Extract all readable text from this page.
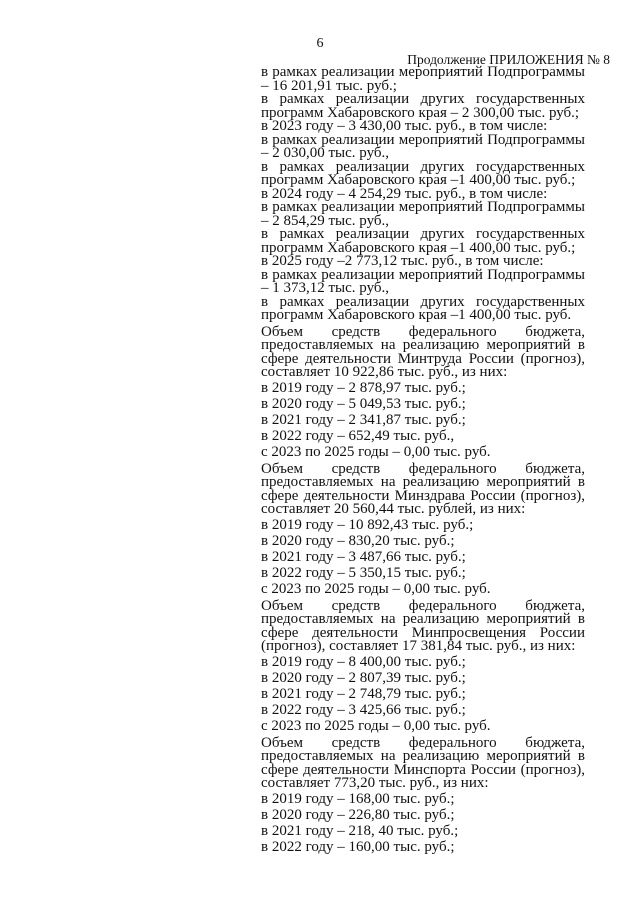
6
Продолжение ПРИЛОЖЕНИЯ № 8

в рамках реализации мероприятий Подпрограммы – 16 201,91 тыс. руб.;

в рамках реализации других государственных программ Хабаровского края – 2 300,00 тыс. руб.;

в 2023 году – 3 430,00 тыс. руб., в том числе:

в рамках реализации мероприятий Подпрограммы – 2 030,00 тыс. руб.,

в рамках реализации других государственных программ Хабаровского края –1 400,00 тыс. руб.;

в 2024 году – 4 254,29 тыс. руб., в том числе:

в рамках реализации мероприятий Подпрограммы – 2 854,29 тыс. руб.,

в рамках реализации других государственных программ Хабаровского края –1 400,00 тыс. руб.;

в 2025 году –2 773,12 тыс. руб., в том числе:

в рамках реализации мероприятий Подпрограммы – 1 373,12 тыс. руб.,

в рамках реализации других государственных программ Хабаровского края –1 400,00 тыс. руб.

Объем средств федерального бюджета, предоставляемых на реализацию мероприятий в сфере деятельности Минтруда России (прогноз), составляет 10 922,86 тыс. руб., из них:

в 2019 году – 2 878,97 тыс. руб.;

в 2020 году – 5 049,53 тыс. руб.;

в 2021 году – 2 341,87 тыс. руб.;

в 2022 году – 652,49 тыс. руб.,

с 2023 по 2025 годы – 0,00 тыс. руб.

Объем средств федерального бюджета, предоставляемых на реализацию мероприятий в сфере деятельности Минздрава России (прогноз), составляет 20 560,44 тыс. рублей, из них:

в 2019 году – 10 892,43 тыс. руб.;

в 2020 году – 830,20 тыс. руб.;

в 2021 году – 3 487,66 тыс. руб.;

в 2022 году – 5 350,15 тыс. руб.;

с 2023 по 2025 годы – 0,00 тыс. руб.

Объем средств федерального бюджета, предоставляемых на реализацию мероприятий в сфере деятельности Минпросвещения России (прогноз), составляет 17 381,84 тыс. руб., из них:

в 2019 году – 8 400,00 тыс. руб.;

в 2020 году – 2 807,39 тыс. руб.;

в 2021 году – 2 748,79 тыс. руб.;

в 2022 году – 3 425,66 тыс. руб.;

с 2023 по 2025 годы – 0,00 тыс. руб.

Объем средств федерального бюджета, предоставляемых на реализацию мероприятий в сфере деятельности Минспорта России (прогноз), составляет 773,20 тыс. руб., из них:

в 2019 году – 168,00 тыс. руб.;

в 2020 году – 226,80 тыс. руб.;

в 2021 году – 218, 40 тыс. руб.;

в 2022 году – 160,00 тыс. руб.;
